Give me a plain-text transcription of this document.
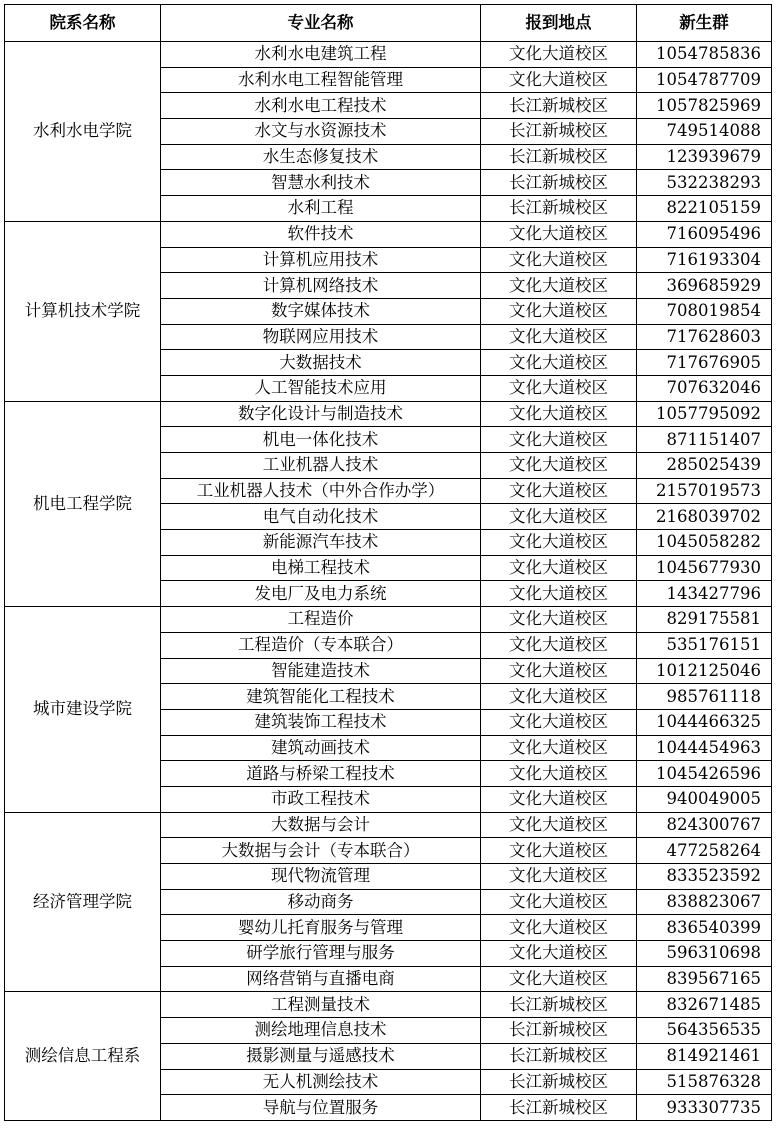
院系名称	专业名称	报到地点	新生群
水利水电学院	水利水电建筑工程	文化大道校区	1054785836
	水利水电工程智能管理	文化大道校区	1054787709
	水利水电工程技术	长江新城校区	1057825969
	水文与水资源技术	长江新城校区	749514088
	水生态修复技术	长江新城校区	123939679
	智慧水利技术	长江新城校区	532238293
	水利工程	长江新城校区	822105159
计算机技术学院	软件技术	文化大道校区	716095496
	计算机应用技术	文化大道校区	716193304
	计算机网络技术	文化大道校区	369685929
	数字媒体技术	文化大道校区	708019854
	物联网应用技术	文化大道校区	717628603
	大数据技术	文化大道校区	717676905
	人工智能技术应用	文化大道校区	707632046
机电工程学院	数字化设计与制造技术	文化大道校区	1057795092
	机电一体化技术	文化大道校区	871151407
	工业机器人技术	文化大道校区	285025439
	工业机器人技术（中外合作办学）	文化大道校区	2157019573
	电气自动化技术	文化大道校区	2168039702
	新能源汽车技术	文化大道校区	1045058282
	电梯工程技术	文化大道校区	1045677930
	发电厂及电力系统	文化大道校区	143427796
城市建设学院	工程造价	文化大道校区	829175581
	工程造价（专本联合）	文化大道校区	535176151
	智能建造技术	文化大道校区	1012125046
	建筑智能化工程技术	文化大道校区	985761118
	建筑装饰工程技术	文化大道校区	1044466325
	建筑动画技术	文化大道校区	1044454963
	道路与桥梁工程技术	文化大道校区	1045426596
	市政工程技术	文化大道校区	940049005
经济管理学院	大数据与会计	文化大道校区	824300767
	大数据与会计（专本联合）	文化大道校区	477258264
	现代物流管理	文化大道校区	833523592
	移动商务	文化大道校区	838823067
	婴幼儿托育服务与管理	文化大道校区	836540399
	研学旅行管理与服务	文化大道校区	596310698
	网络营销与直播电商	文化大道校区	839567165
测绘信息工程系	工程测量技术	长江新城校区	832671485
	测绘地理信息技术	长江新城校区	564356535
	摄影测量与遥感技术	长江新城校区	814921461
	无人机测绘技术	长江新城校区	515876328
	导航与位置服务	长江新城校区	933307735
